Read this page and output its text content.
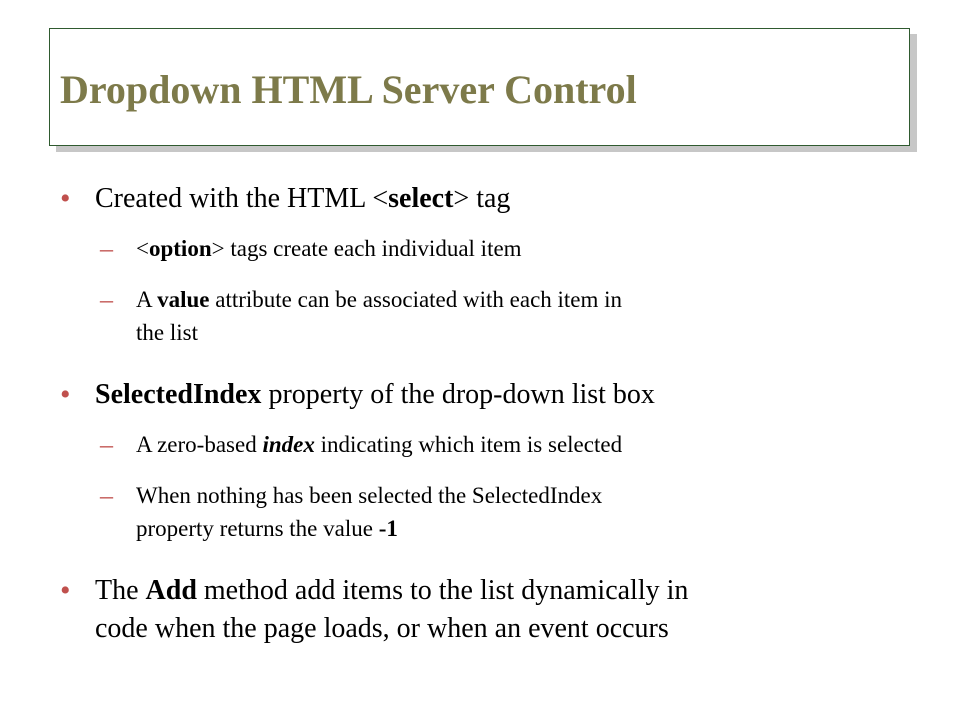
Dropdown HTML Server Control
• Created with the HTML <select> tag
– <option> tags create each individual item
– A value attribute can be associated with each item in
the list
• SelectedIndex property of the drop-down list box
– A zero-based index indicating which item is selected
– When nothing has been selected the SelectedIndex
property returns the value -1
• The Add method add items to the list dynamically in
code when the page loads, or when an event occurs
